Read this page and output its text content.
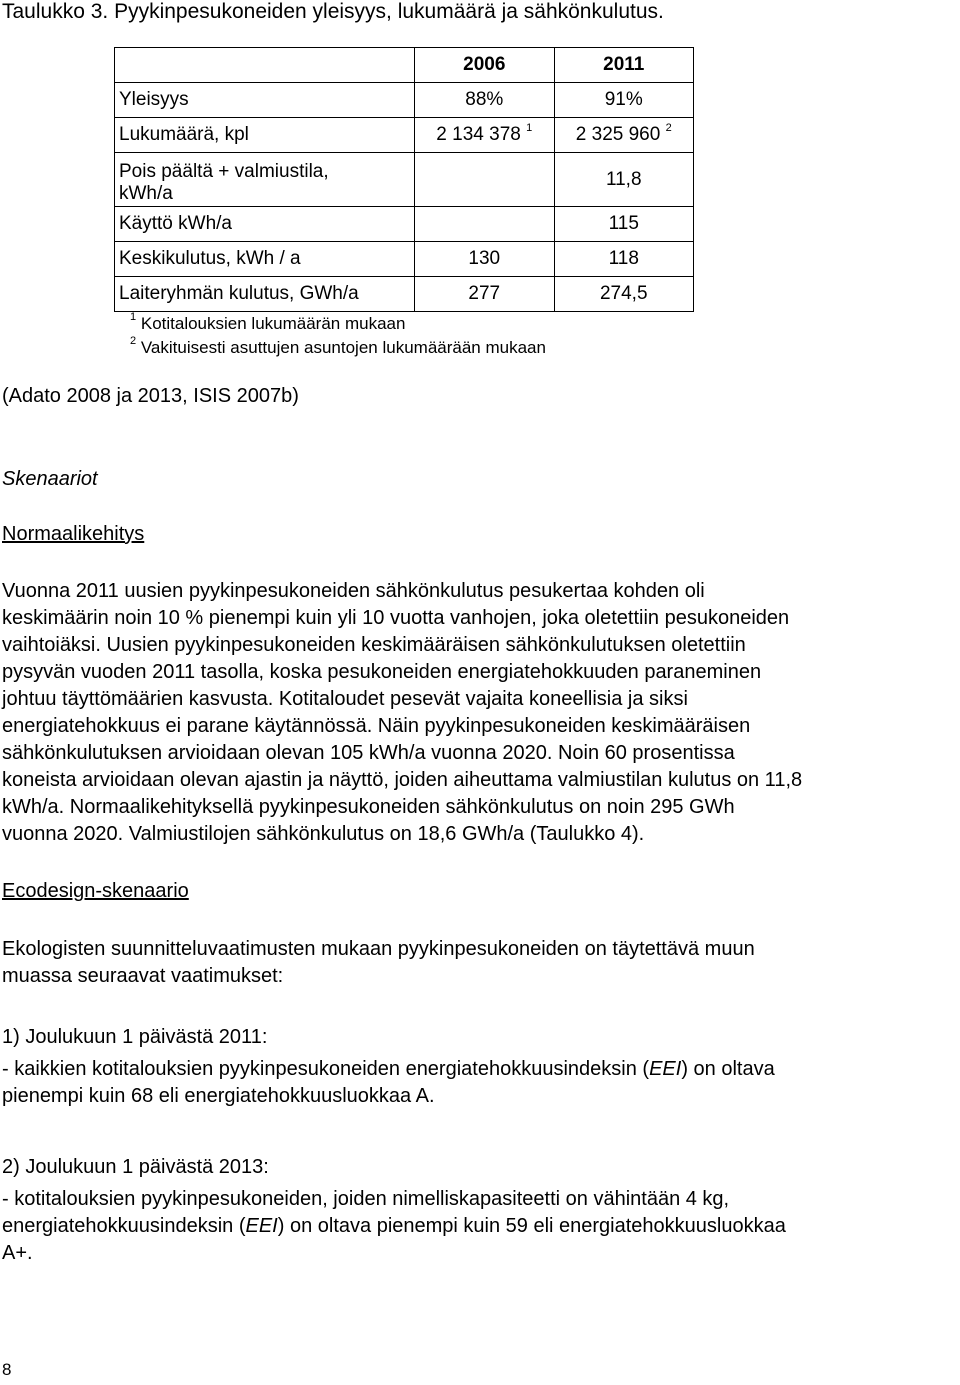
Taulukko 3. Pyykinpesukoneiden yleisyys, lukumäärä ja sähkönkulutus.
	2006	2011
Yleisyys	88%	91%
Lukumäärä, kpl	2 134 378 $^1$	2 325 960 $^2$

Pois päältä + valmiustila,
kWh/a		11,8
Käyttö kWh/a		115
Keskikulutus, kWh / a	130	118
Laiteryhmän kulutus, GWh/a	277	274,5
$^1$ Kotitalouksien lukumäärän mukaan
$^2$ Vakituisesti asuttujen asuntojen lukumäärään mukaan
(Adato 2008 ja 2013, ISIS 2007b)
Skenaariot
Normaalikehitys
Vuonna 2011 uusien pyykinpesukoneiden sähkönkulutus pesukertaa kohden oli
keskimäärin noin 10 % pienempi kuin yli 10 vuotta vanhojen, joka oletettiin pesukoneiden
vaihtoiäksi. Uusien pyykinpesukoneiden keskimääräisen sähkönkulutuksen oletettiin
pysyvän vuoden 2011 tasolla, koska pesukoneiden energiatehokkuuden paraneminen
johtuu täyttömäärien kasvusta. Kotitaloudet pesevät vajaita koneellisia ja siksi
energiatehokkuus ei parane käytännössä. Näin pyykinpesukoneiden keskimääräisen
sähkönkulutuksen arvioidaan olevan 105 kWh/a vuonna 2020. Noin 60 prosentissa
koneista arvioidaan olevan ajastin ja näyttö, joiden aiheuttama valmiustilan kulutus on 11,8
kWh/a. Normaalikehityksellä pyykinpesukoneiden sähkönkulutus on noin 295 GWh
vuonna 2020. Valmiustilojen sähkönkulutus on 18,6 GWh/a (Taulukko 4).
Ecodesign-skenaario
Ekologisten suunnitteluvaatimusten mukaan pyykinpesukoneiden on täytettävä muun
muassa seuraavat vaatimukset:
1) Joulukuun 1 päivästä 2011:
- kaikkien kotitalouksien pyykinpesukoneiden energiatehokkuusindeksin (EEI) on oltava
pienempi kuin 68 eli energiatehokkuusluokkaa A.
2) Joulukuun 1 päivästä 2013:
- kotitalouksien pyykinpesukoneiden, joiden nimelliskapasiteetti on vähintään 4 kg,
energiatehokkuusindeksin (EEI) on oltava pienempi kuin 59 eli energiatehokkuusluokkaa
A+.
8
